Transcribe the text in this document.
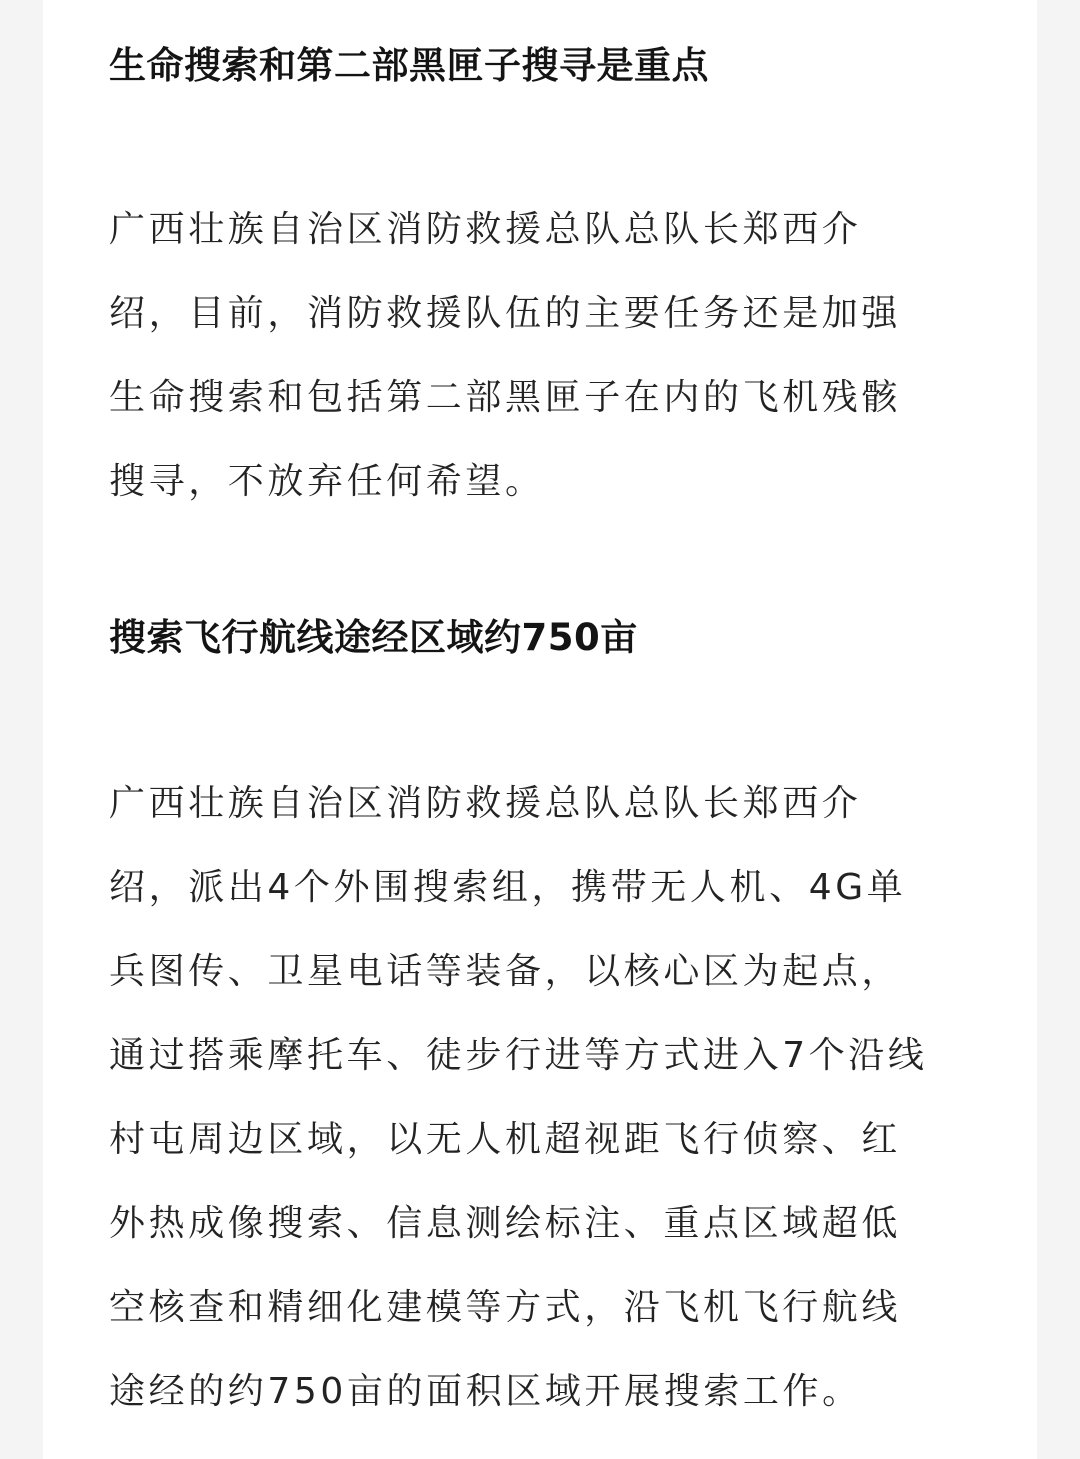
生命搜索和第二部黑匣子搜寻是重点
广西壮族自治区消防救援总队总队长郑西介
绍，目前，消防救援队伍的主要任务还是加强
生命搜索和包括第二部黑匣子在内的飞机残骸
搜寻，不放弃任何希望。
搜索飞行航线途经区域约750亩
广西壮族自治区消防救援总队总队长郑西介
绍，派出4个外围搜索组，携带无人机、4G单
兵图传、卫星电话等装备，以核心区为起点，
通过搭乘摩托车、徒步行进等方式进入7个沿线
村屯周边区域，以无人机超视距飞行侦察、红
外热成像搜索、信息测绘标注、重点区域超低
空核查和精细化建模等方式，沿飞机飞行航线
途经的约750亩的面积区域开展搜索工作。
